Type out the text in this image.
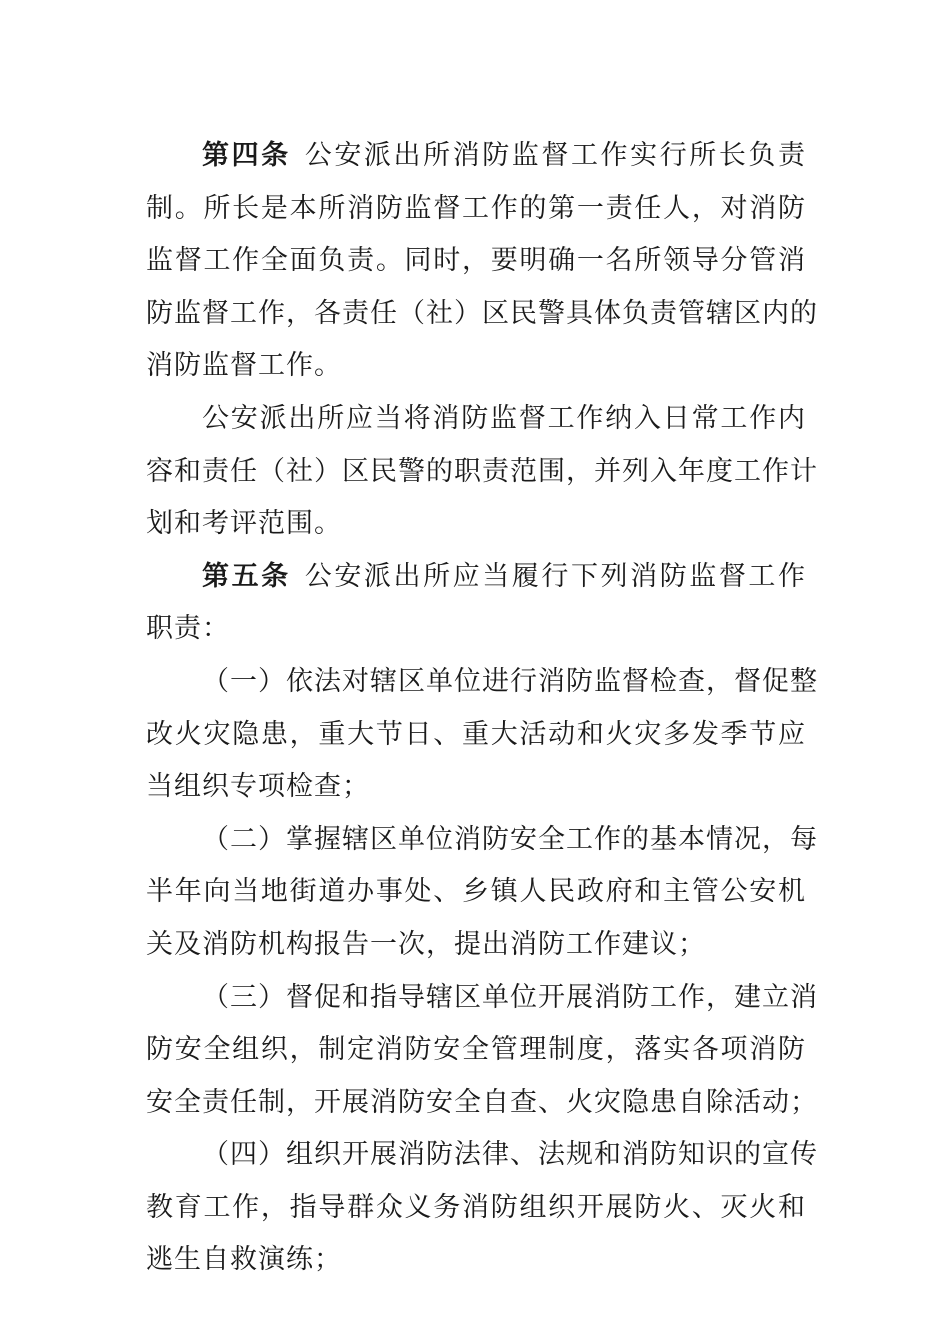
第四条 公安派出所消防监督工作实行所长负责
制。所长是本所消防监督工作的第一责任人，对消防
监督工作全面负责。同时，要明确一名所领导分管消
防监督工作，各责任（社）区民警具体负责管辖区内的
消防监督工作。
公安派出所应当将消防监督工作纳入日常工作内
容和责任（社）区民警的职责范围，并列入年度工作计
划和考评范围。
第五条 公安派出所应当履行下列消防监督工作
职责：
（一）依法对辖区单位进行消防监督检查，督促整
改火灾隐患，重大节日、重大活动和火灾多发季节应
当组织专项检查；
（二）掌握辖区单位消防安全工作的基本情况，每
半年向当地街道办事处、乡镇人民政府和主管公安机
关及消防机构报告一次，提出消防工作建议；
（三）督促和指导辖区单位开展消防工作，建立消
防安全组织，制定消防安全管理制度，落实各项消防
安全责任制，开展消防安全自查、火灾隐患自除活动；
（四）组织开展消防法律、法规和消防知识的宣传
教育工作，指导群众义务消防组织开展防火、灭火和
逃生自救演练；
